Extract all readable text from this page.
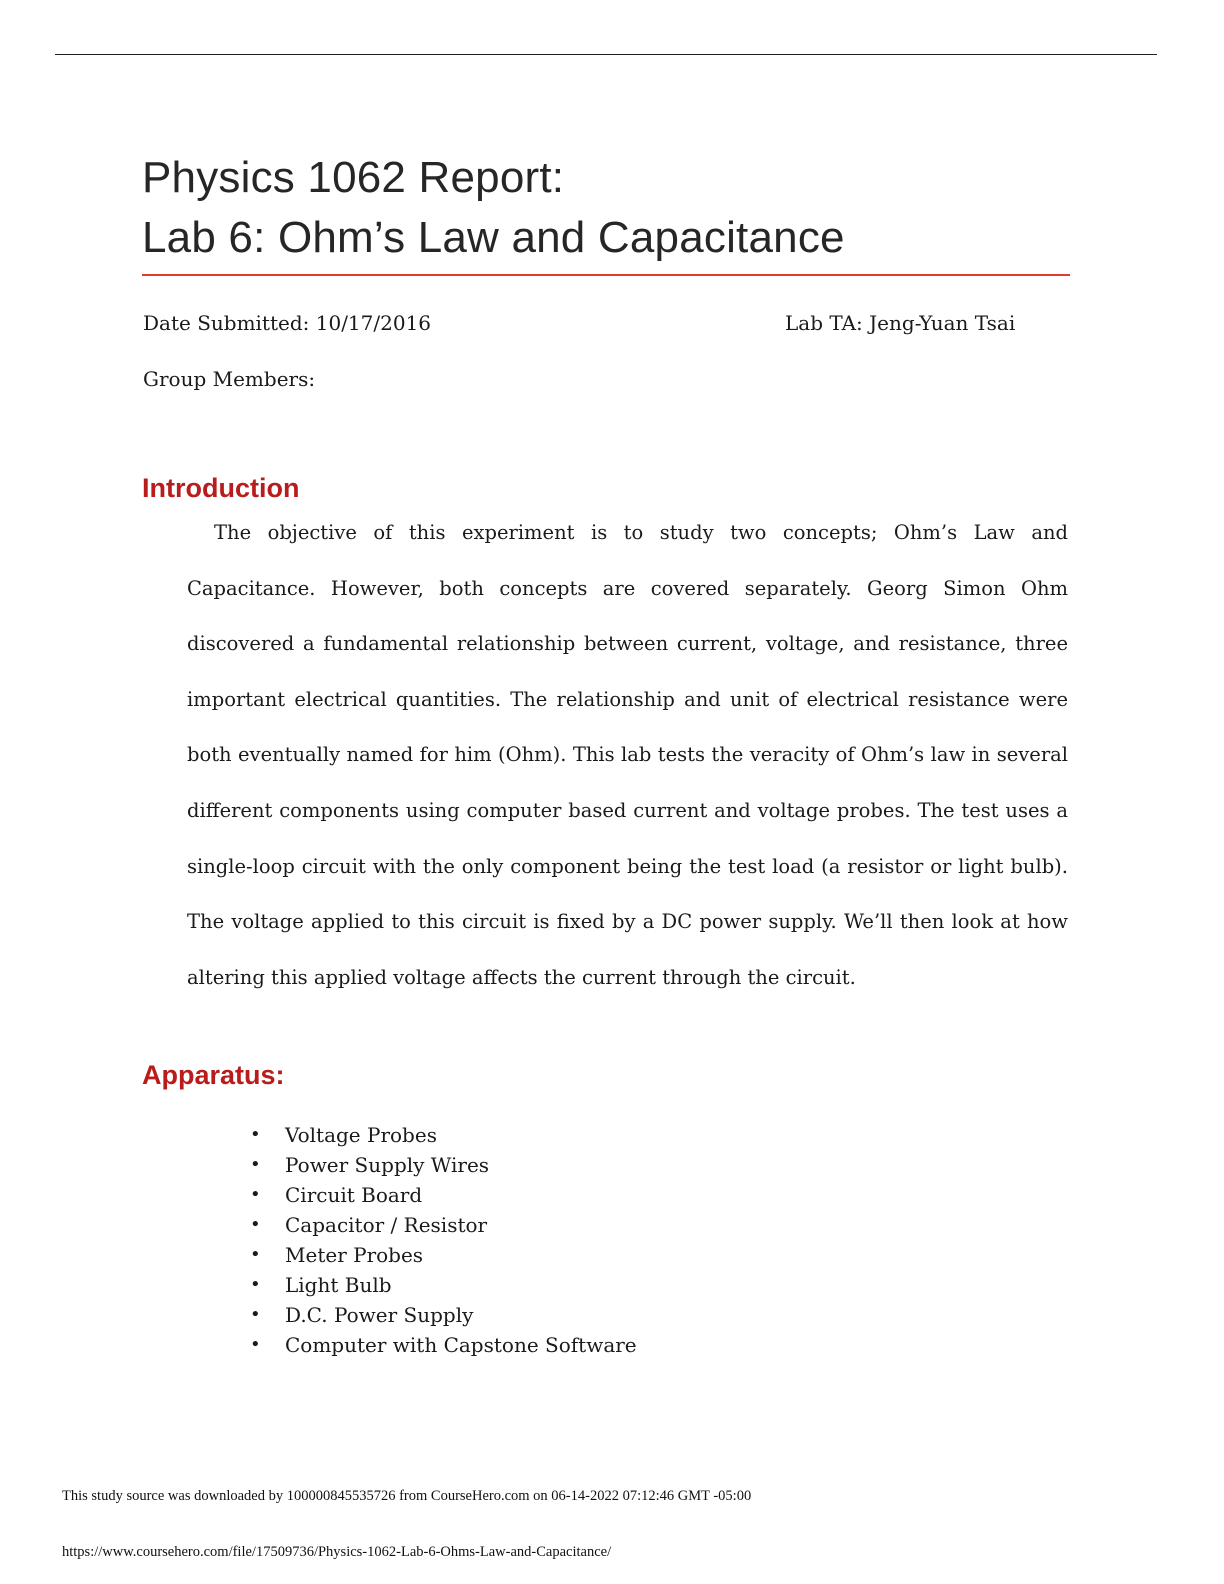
Physics 1062 Report:
Lab 6: Ohm’s Law and Capacitance
Date Submitted: 10/17/2016	Lab TA: Jeng-Yuan Tsai
Group Members:
Introduction
The objective of this experiment is to study two concepts; Ohm’s Law and Capacitance. However, both concepts are covered separately. Georg Simon Ohm discovered a fundamental relationship between current, voltage, and resistance, three important electrical quantities. The relationship and unit of electrical resistance were both eventually named for him (Ohm). This lab tests the veracity of Ohm’s law in several different components using computer based current and voltage probes. The test uses a single-loop circuit with the only component being the test load (a resistor or light bulb). The voltage applied to this circuit is fixed by a DC power supply. We’ll then look at how altering this applied voltage affects the current through the circuit.
Apparatus:
• Voltage Probes
• Power Supply Wires
• Circuit Board
• Capacitor / Resistor
• Meter Probes
• Light Bulb
• D.C. Power Supply
• Computer with Capstone Software
This study source was downloaded by 100000845535726 from CourseHero.com on 06-14-2022 07:12:46 GMT -05:00
https://www.coursehero.com/file/17509736/Physics-1062-Lab-6-Ohms-Law-and-Capacitance/
